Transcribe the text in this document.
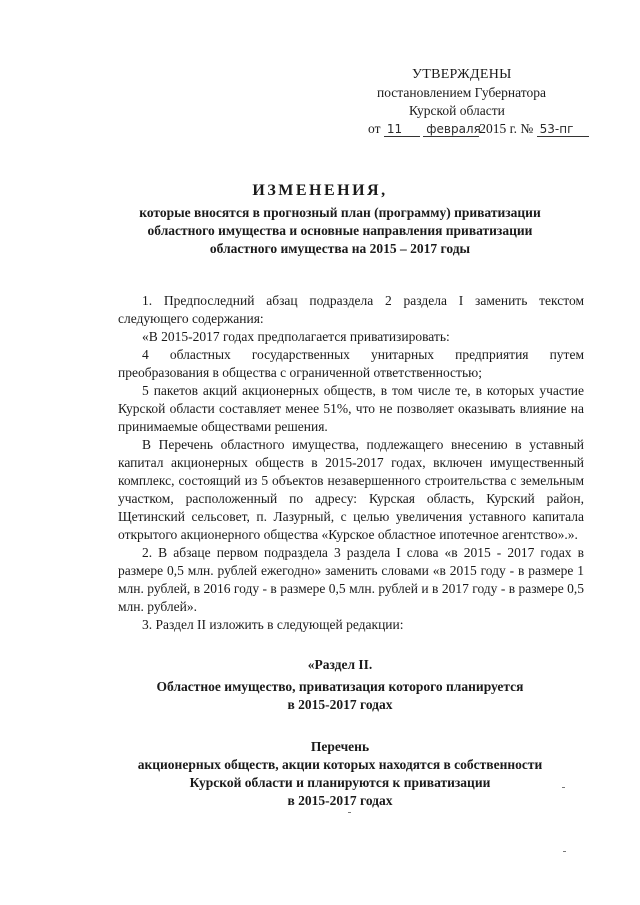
УТВЕРЖДЕНЫ
постановлением Губернатора
Курской области
от 11 февраля2015 г. № 53-пг
ИЗМЕНЕНИЯ,
которые вносятся в прогнозный план (программу) приватизации
областного имущества и основные направления приватизации
областного имущества на 2015 – 2017 годы

1. Предпоследний абзац подраздела 2 раздела I заменить текстом следующего содержания:

«В 2015-2017 годах предполагается приватизировать:

4 областных государственных унитарных предприятия путем преобразования в общества с ограниченной ответственностью;

5 пакетов акций акционерных обществ, в том числе те, в которых участие Курской области составляет менее 51%, что не позволяет оказывать влияние на принимаемые обществами решения.

В Перечень областного имущества, подлежащего внесению в уставный капитал акционерных обществ в 2015-2017 годах, включен имущественный комплекс, состоящий из 5 объектов незавершенного строительства с земельным участком, расположенный по адресу: Курская область, Курский район, Щетинский сельсовет, п. Лазурный, с целью увеличения уставного капитала открытого акционерного общества «Курское областное ипотечное агентство».».

2. В абзаце первом подраздела 3 раздела I слова «в 2015 - 2017 годах в размере 0,5 млн. рублей ежегодно» заменить словами «в 2015 году - в размере 1 млн. рублей, в 2016 году - в размере 0,5 млн. рублей и в 2017 году - в размере 0,5 млн. рублей».

3. Раздел II изложить в следующей редакции:

«Раздел II.
Областное имущество, приватизация которого планируется
в 2015-2017 годах
Перечень
акционерных обществ, акции которых находятся в собственности
Курской области и планируются к приватизации
в 2015-2017 годах
